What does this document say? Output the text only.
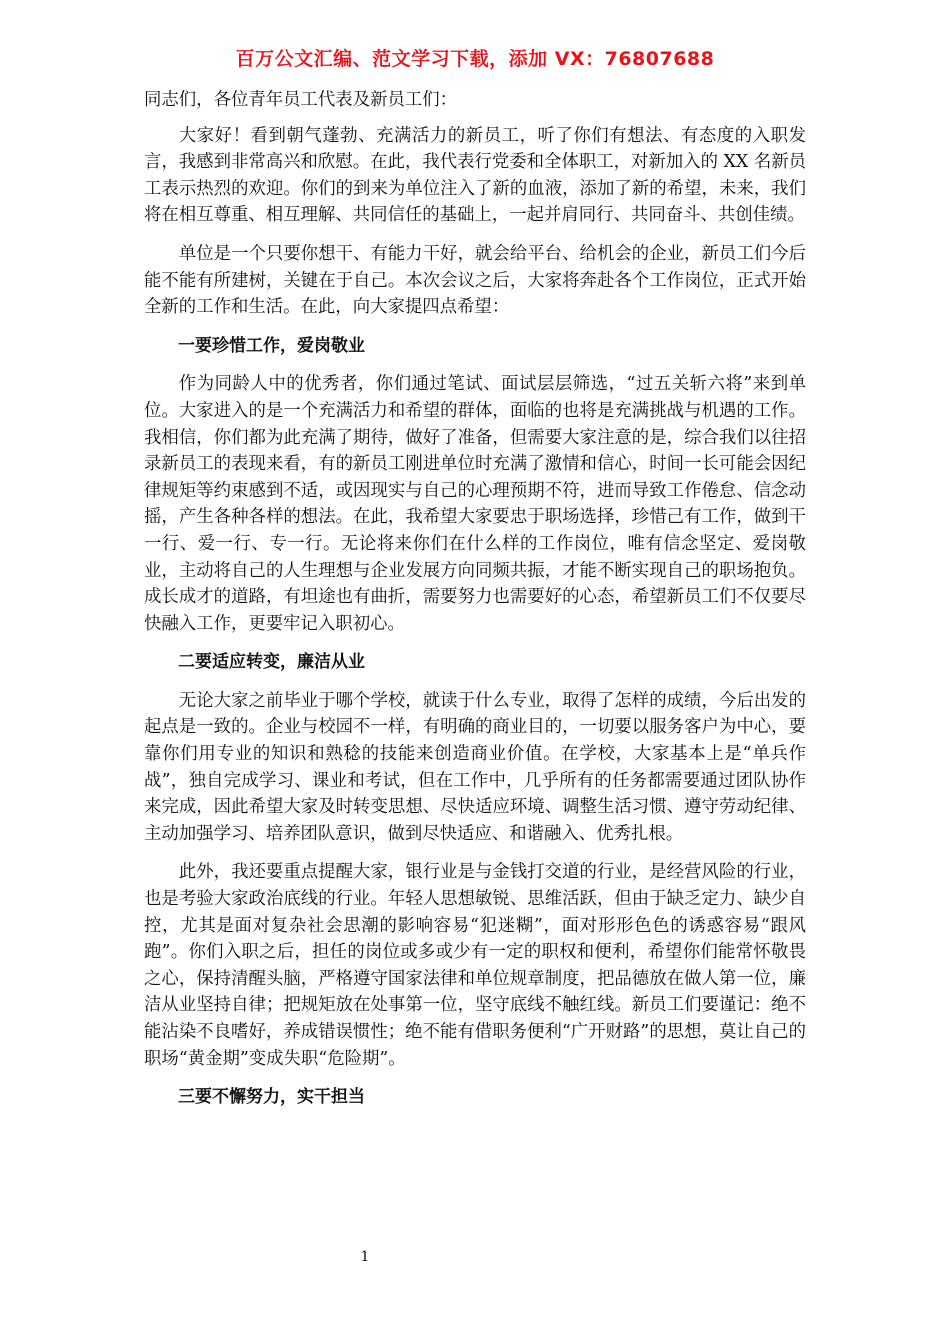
百万公文汇编、范文学习下载，添加 VX：76807688

同志们，各位青年员工代表及新员工们：

大家好！看到朝气蓬勃、充满活力的新员工，听了你们有想法、有态度的入职发言，我感到非常高兴和欣慰。在此，我代表行党委和全体职工，对新加入的 XX 名新员工表示热烈的欢迎。你们的到来为单位注入了新的血液，添加了新的希望，未来，我们将在相互尊重、相互理解、共同信任的基础上，一起并肩同行、共同奋斗、共创佳绩。

单位是一个只要你想干、有能力干好，就会给平台、给机会的企业，新员工们今后能不能有所建树，关键在于自己。本次会议之后，大家将奔赴各个工作岗位，正式开始全新的工作和生活。在此，向大家提四点希望：

一要珍惜工作，爱岗敬业

作为同龄人中的优秀者，你们通过笔试、面试层层筛选，“过五关斩六将”来到单位。大家进入的是一个充满活力和希望的群体，面临的也将是充满挑战与机遇的工作。我相信，你们都为此充满了期待，做好了准备，但需要大家注意的是，综合我们以往招录新员工的表现来看，有的新员工刚进单位时充满了激情和信心，时间一长可能会因纪律规矩等约束感到不适，或因现实与自己的心理预期不符，进而导致工作倦怠、信念动摇，产生各种各样的想法。在此，我希望大家要忠于职场选择，珍惜己有工作，做到干一行、爱一行、专一行。无论将来你们在什么样的工作岗位，唯有信念坚定、爱岗敬业，主动将自己的人生理想与企业发展方向同频共振，才能不断实现自己的职场抱负。成长成才的道路，有坦途也有曲折，需要努力也需要好的心态，希望新员工们不仅要尽快融入工作，更要牢记入职初心。

二要适应转变，廉洁从业

无论大家之前毕业于哪个学校，就读于什么专业，取得了怎样的成绩，今后出发的起点是一致的。企业与校园不一样，有明确的商业目的，一切要以服务客户为中心，要靠你们用专业的知识和熟稔的技能来创造商业价值。在学校，大家基本上是“单兵作战”，独自完成学习、课业和考试，但在工作中，几乎所有的任务都需要通过团队协作来完成，因此希望大家及时转变思想、尽快适应环境、调整生活习惯、遵守劳动纪律、主动加强学习、培养团队意识，做到尽快适应、和谐融入、优秀扎根。

此外，我还要重点提醒大家，银行业是与金钱打交道的行业，是经营风险的行业，也是考验大家政治底线的行业。年轻人思想敏锐、思维活跃，但由于缺乏定力、缺少自控，尤其是面对复杂社会思潮的影响容易“犯迷糊”，面对形形色色的诱惑容易“跟风跑”。你们入职之后，担任的岗位或多或少有一定的职权和便利，希望你们能常怀敬畏之心，保持清醒头脑，严格遵守国家法律和单位规章制度，把品德放在做人第一位，廉洁从业坚持自律；把规矩放在处事第一位，坚守底线不触红线。新员工们要谨记：绝不能沾染不良嗜好，养成错误惯性；绝不能有借职务便利“广开财路”的思想，莫让自己的职场“黄金期”变成失职“危险期”。

三要不懈努力，实干担当

1
